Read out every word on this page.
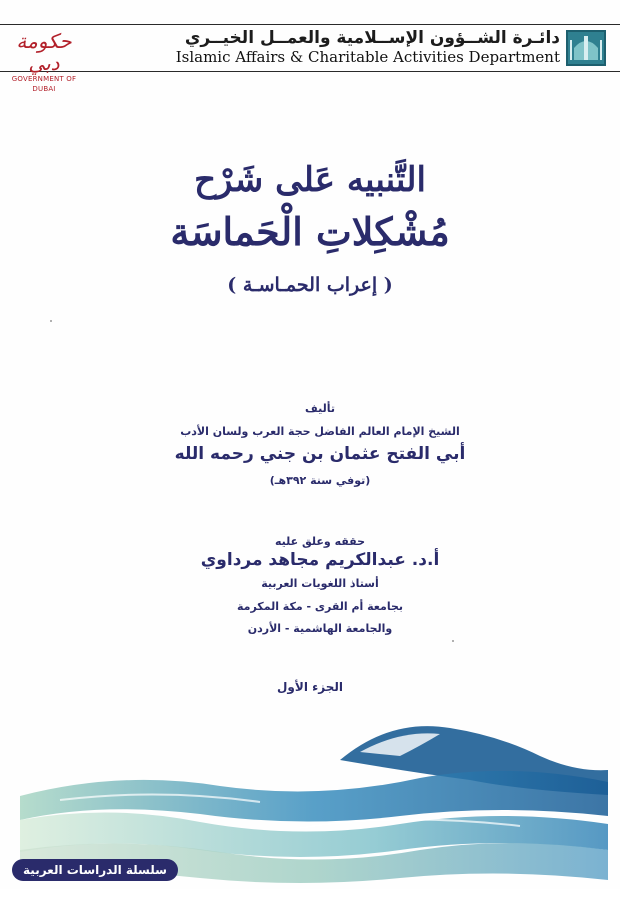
حكومة دبي
GOVERNMENT OF DUBAI
دائـرة الشــؤون الإســلامية والعمــل الخيــري
Islamic Affairs & Charitable Activities Department
التَّنبيه عَلى شَرْح
مُشْكِلاتِ الْحَماسَة
( إعراب الحمـاسـة )
تأليف
الشيخ الإمام العالم الفاضل حجة العرب ولسان الأدب
أبي الفتح عثمان بن جني رحمه الله
(توفي سنة ٣٩٢هـ)
حققه وعلق عليه
أ.د. عبدالكريم مجاهد مرداوي
أستاذ اللغويات العربية
بجامعة أم القرى - مكة المكرمة
والجامعة الهاشمية - الأردن
الجزء الأول
سلسلة الدراسات العربية (٦)
